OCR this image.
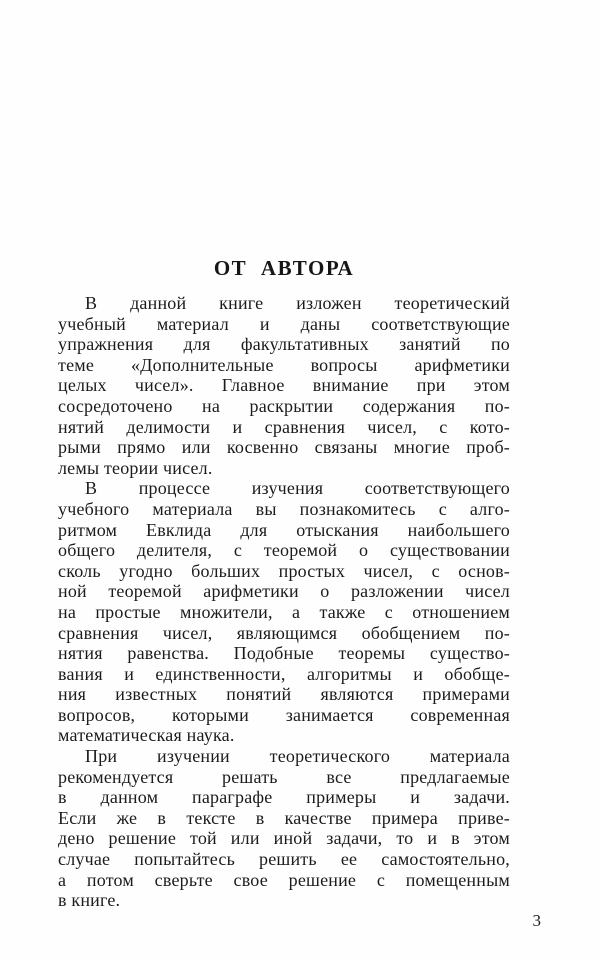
ОТ АВТОРА
В данной книге изложен теоретический
учебный материал и даны соответствующие
упражнения для факультативных занятий по
теме «Дополнительные вопросы арифметики
целых чисел». Главное внимание при этом
сосредоточено на раскрытии содержания по-
нятий делимости и сравнения чисел, с кото-
рыми прямо или косвенно связаны многие проб-
лемы теории чисел.
В процессе изучения соответствующего
учебного материала вы познакомитесь с алго-
ритмом Евклида для отыскания наибольшего
общего делителя, с теоремой о существовании
сколь угодно больших простых чисел, с основ-
ной теоремой арифметики о разложении чисел
на простые множители, а также с отношением
сравнения чисел, являющимся обобщением по-
нятия равенства. Подобные теоремы существо-
вания и единственности, алгоритмы и обобще-
ния известных понятий являются примерами
вопросов, которыми занимается современная
математическая наука.
При изучении теоретического материала
рекомендуется решать все предлагаемые
в данном параграфе примеры и задачи.
Если же в тексте в качестве примера приве-
дено решение той или иной задачи, то и в этом
случае попытайтесь решить ее самостоятельно,
а потом сверьте свое решение с помещенным
в книге.
3
